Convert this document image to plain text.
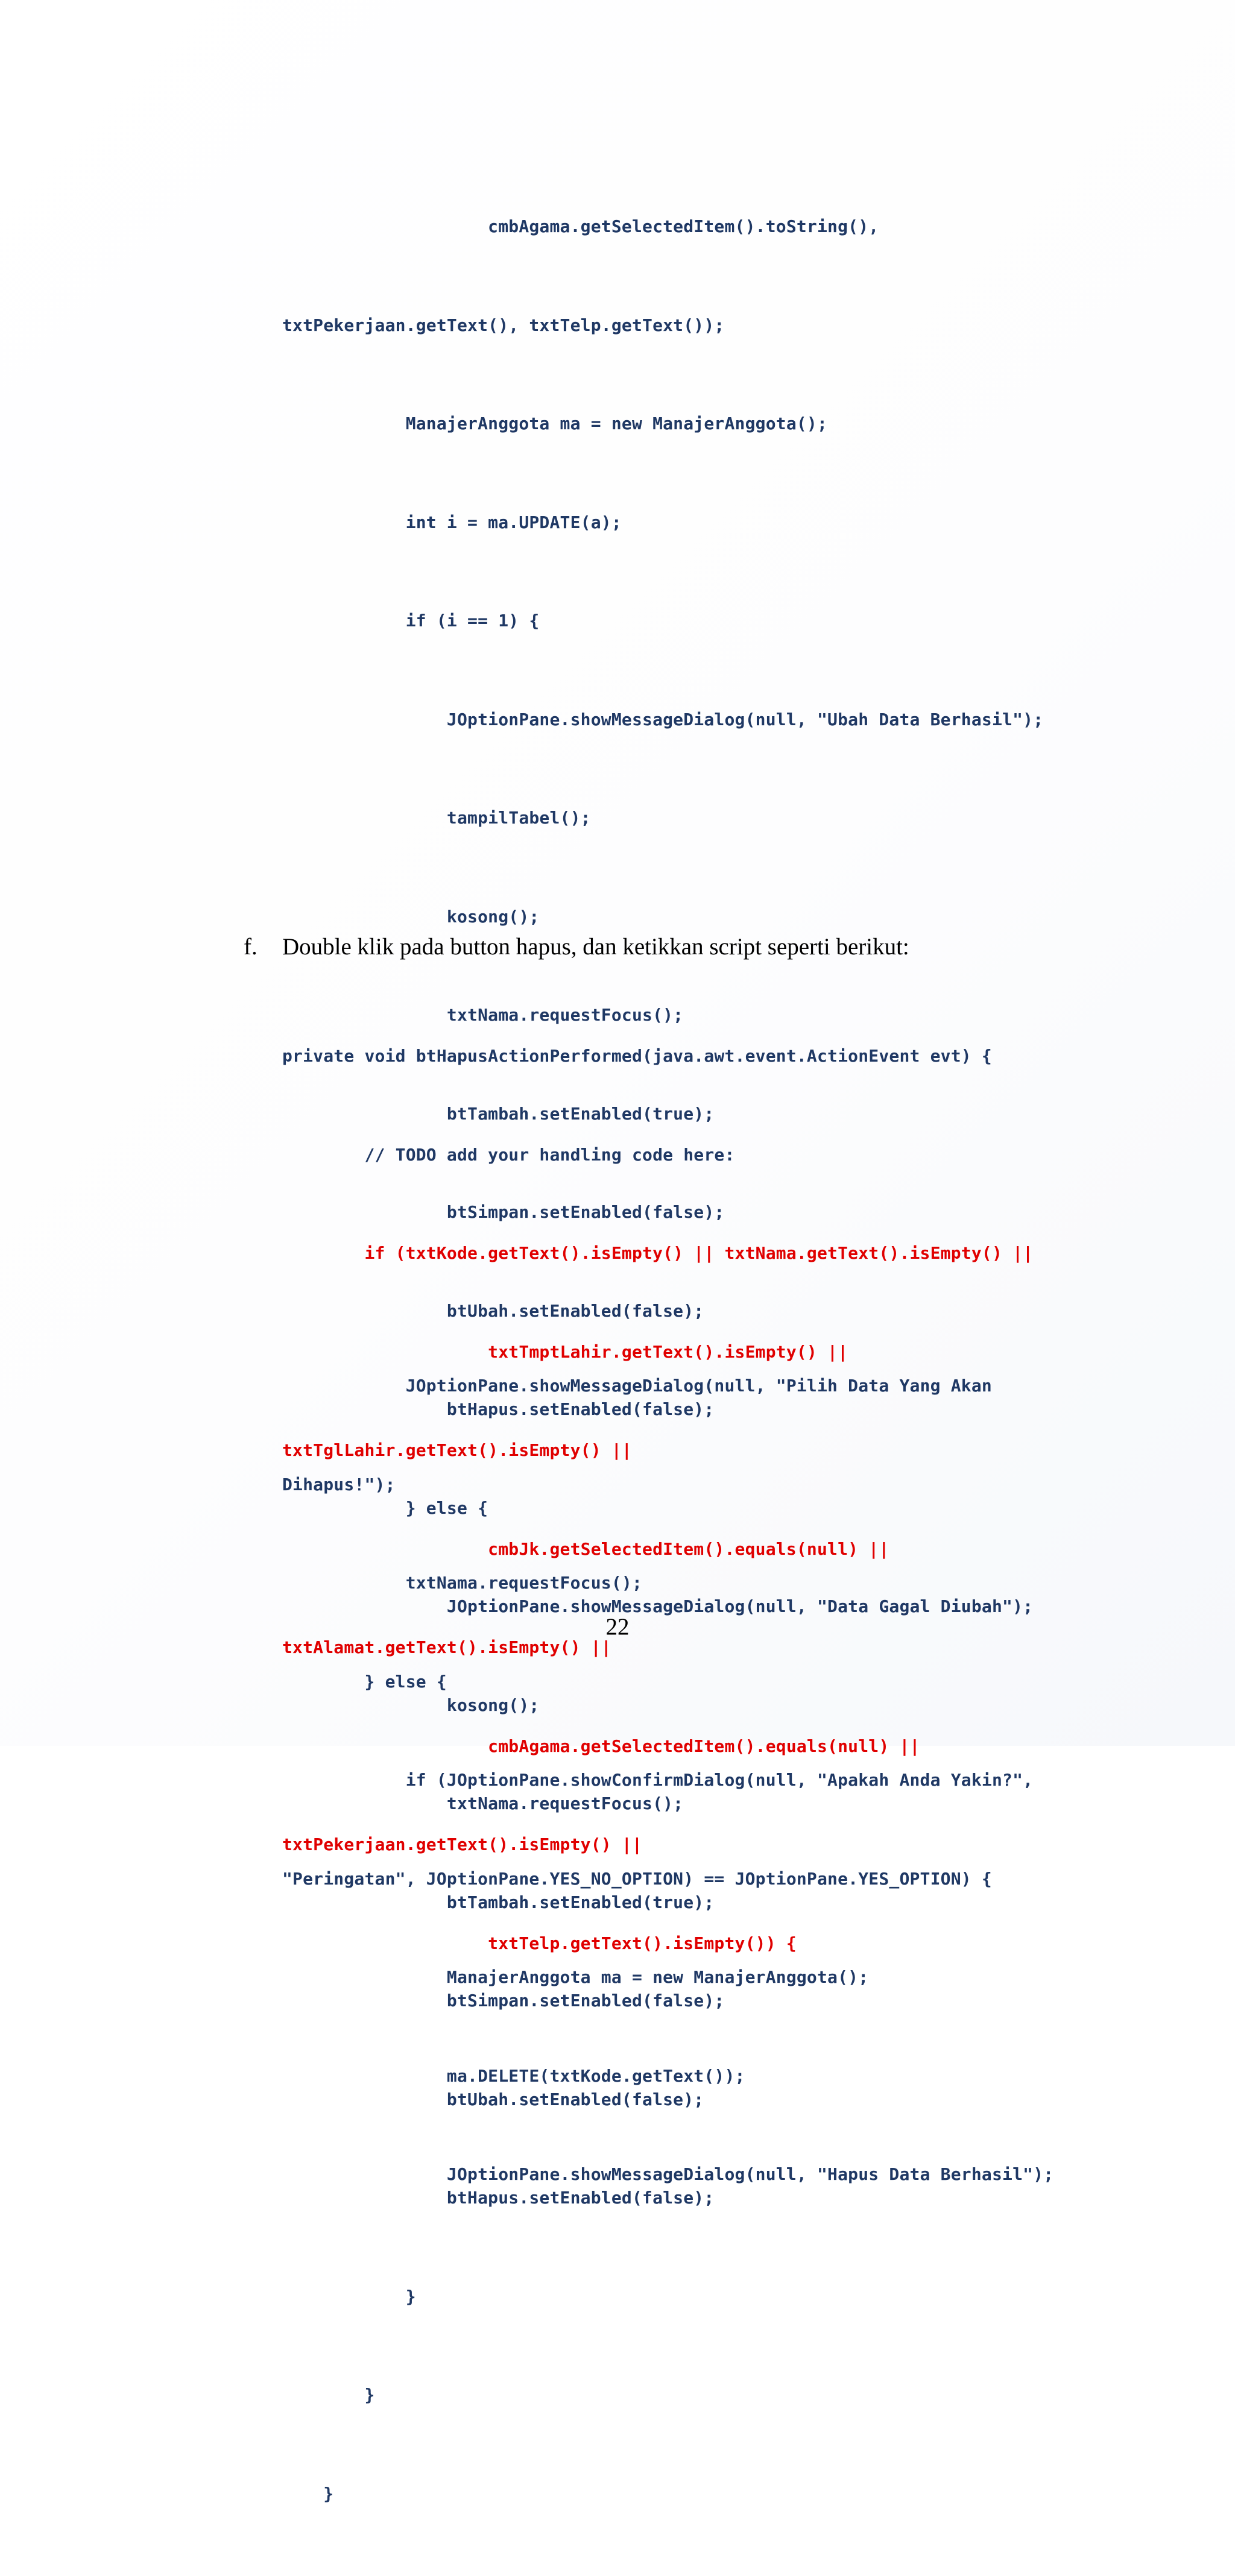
cmbAgama.getSelectedItem().toString(),

txtPekerjaan.getText(), txtTelp.getText());

ManajerAnggota ma = new ManajerAnggota();

int i = ma.UPDATE(a);

if (i == 1) {

JOptionPane.showMessageDialog(null, "Ubah Data Berhasil");

tampilTabel();

kosong();

txtNama.requestFocus();

btTambah.setEnabled(true);

btSimpan.setEnabled(false);

btUbah.setEnabled(false);

btHapus.setEnabled(false);

} else {

JOptionPane.showMessageDialog(null, "Data Gagal Diubah");

kosong();

txtNama.requestFocus();

btTambah.setEnabled(true);

btSimpan.setEnabled(false);

btUbah.setEnabled(false);

btHapus.setEnabled(false);

}

}

}

f. Double klik pada button hapus, dan ketikkan script seperti berikut:

private void btHapusActionPerformed(java.awt.event.ActionEvent evt) {

// TODO add your handling code here:

if (txtKode.getText().isEmpty() || txtNama.getText().isEmpty() ||

txtTmptLahir.getText().isEmpty() ||

txtTglLahir.getText().isEmpty() ||

cmbJk.getSelectedItem().equals(null) ||

txtAlamat.getText().isEmpty() ||

cmbAgama.getSelectedItem().equals(null) ||

txtPekerjaan.getText().isEmpty() ||

txtTelp.getText().isEmpty()) {

JOptionPane.showMessageDialog(null, "Pilih Data Yang Akan

Dihapus!");

txtNama.requestFocus();

} else {

if (JOptionPane.showConfirmDialog(null, "Apakah Anda Yakin?",

"Peringatan", JOptionPane.YES_NO_OPTION) == JOptionPane.YES_OPTION) {

ManajerAnggota ma = new ManajerAnggota();

ma.DELETE(txtKode.getText());

JOptionPane.showMessageDialog(null, "Hapus Data Berhasil");

22
